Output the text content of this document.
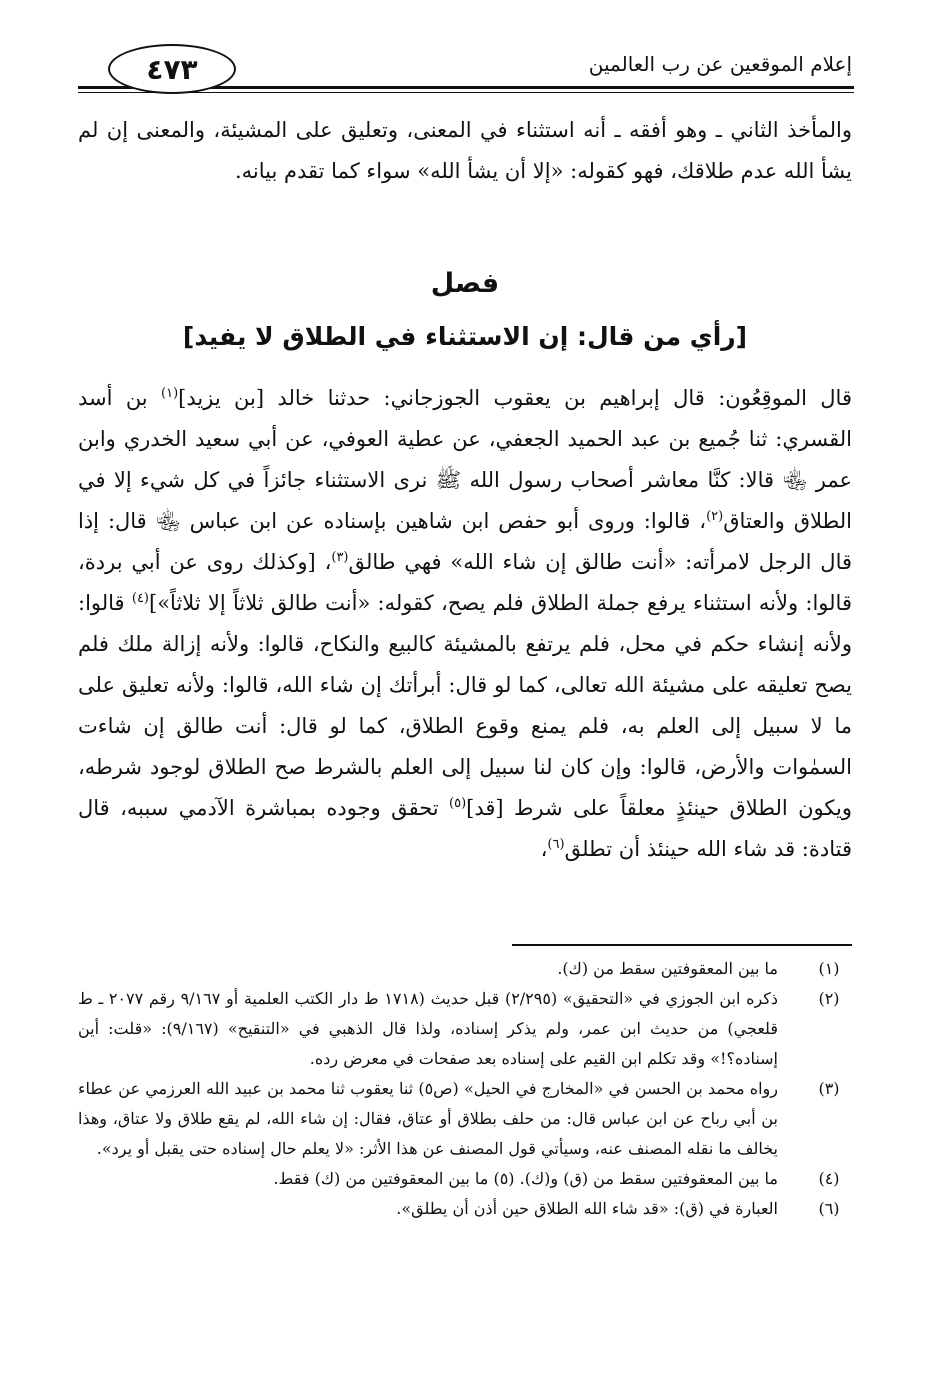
إعلام الموقعين عن رب العالمين
٤٧٣

والمأخذ الثاني ـ وهو أفقه ـ أنه استثناء في المعنى، وتعليق على المشيئة، والمعنى إن لم يشأ الله عدم طلاقك، فهو كقوله: «إلا أن يشأ الله» سواء كما تقدم بيانه.

فصل
[رأي من قال: إن الاستثناء في الطلاق لا يفيد]

قال الموقِعُون: قال إبراهيم بن يعقوب الجوزجاني: حدثنا خالد [بن يزيد]$^{(١)}$ بن أسد القسري: ثنا جُميع بن عبد الحميد الجعفي، عن عطية العوفي، عن أبي سعيد الخدري وابن عمر ﵄ قالا: كنَّا معاشر أصحاب رسول الله ﷺ نرى الاستثناء جائزاً في كل شيء إلا في الطلاق والعتاق$^{(٢)}$، قالوا: وروى أبو حفص ابن شاهين بإسناده عن ابن عباس ﵄ قال: إذا قال الرجل لامرأته: «أنت طالق إن شاء الله» فهي طالق$^{(٣)}$، [وكذلك روى عن أبي بردة، قالوا: ولأنه استثناء يرفع جملة الطلاق فلم يصح، كقوله: «أنت طالق ثلاثاً إلا ثلاثاً»]$^{(٤)}$ قالوا: ولأنه إنشاء حكم في محل، فلم يرتفع بالمشيئة كالبيع والنكاح، قالوا: ولأنه إزالة ملك فلم يصح تعليقه على مشيئة الله تعالى، كما لو قال: أبرأتك إن شاء الله، قالوا: ولأنه تعليق على ما لا سبيل إلى العلم به، فلم يمنع وقوع الطلاق، كما لو قال: أنت طالق إن شاءت السمٰوات والأرض، قالوا: وإن كان لنا سبيل إلى العلم بالشرط صح الطلاق لوجود شرطه، ويكون الطلاق حينئذٍ معلقاً على شرط [قد]$^{(٥)}$ تحقق وجوده بمباشرة الآدمي سببه، قال قتادة: قد شاء الله حينئذ أن تطلق$^{(٦)}$،

(١)
ما بين المعقوفتين سقط من (ك).
(٢)
ذكره ابن الجوزي في «التحقيق» (٢/٢٩٥) قبل حديث (١٧١٨ ط دار الكتب العلمية أو ٩/١٦٧ رقم ٢٠٧٧ ـ ط قلعجي) من حديث ابن عمر، ولم يذكر إسناده، ولذا قال الذهبي في «التنقيح» (٩/١٦٧): «قلت: أين إسناده؟!» وقد تكلم ابن القيم على إسناده بعد صفحات في معرض رده.
(٣)
رواه محمد بن الحسن في «المخارج في الحيل» (ص٥) ثنا يعقوب ثنا محمد بن عبيد الله العرزمي عن عطاء بن أبي رباح عن ابن عباس قال: من حلف بطلاق أو عتاق، فقال: إن شاء الله، لم يقع طلاق ولا عتاق، وهذا يخالف ما نقله المصنف عنه، وسيأتي قول المصنف عن هذا الأثر: «لا يعلم حال إسناده حتى يقبل أو يرد».
(٤)
ما بين المعقوفتين سقط من (ق) و(ك). (٥) ما بين المعقوفتين من (ك) فقط.
(٦)
العبارة في (ق): «قد شاء الله الطلاق حين أذن أن يطلق».
